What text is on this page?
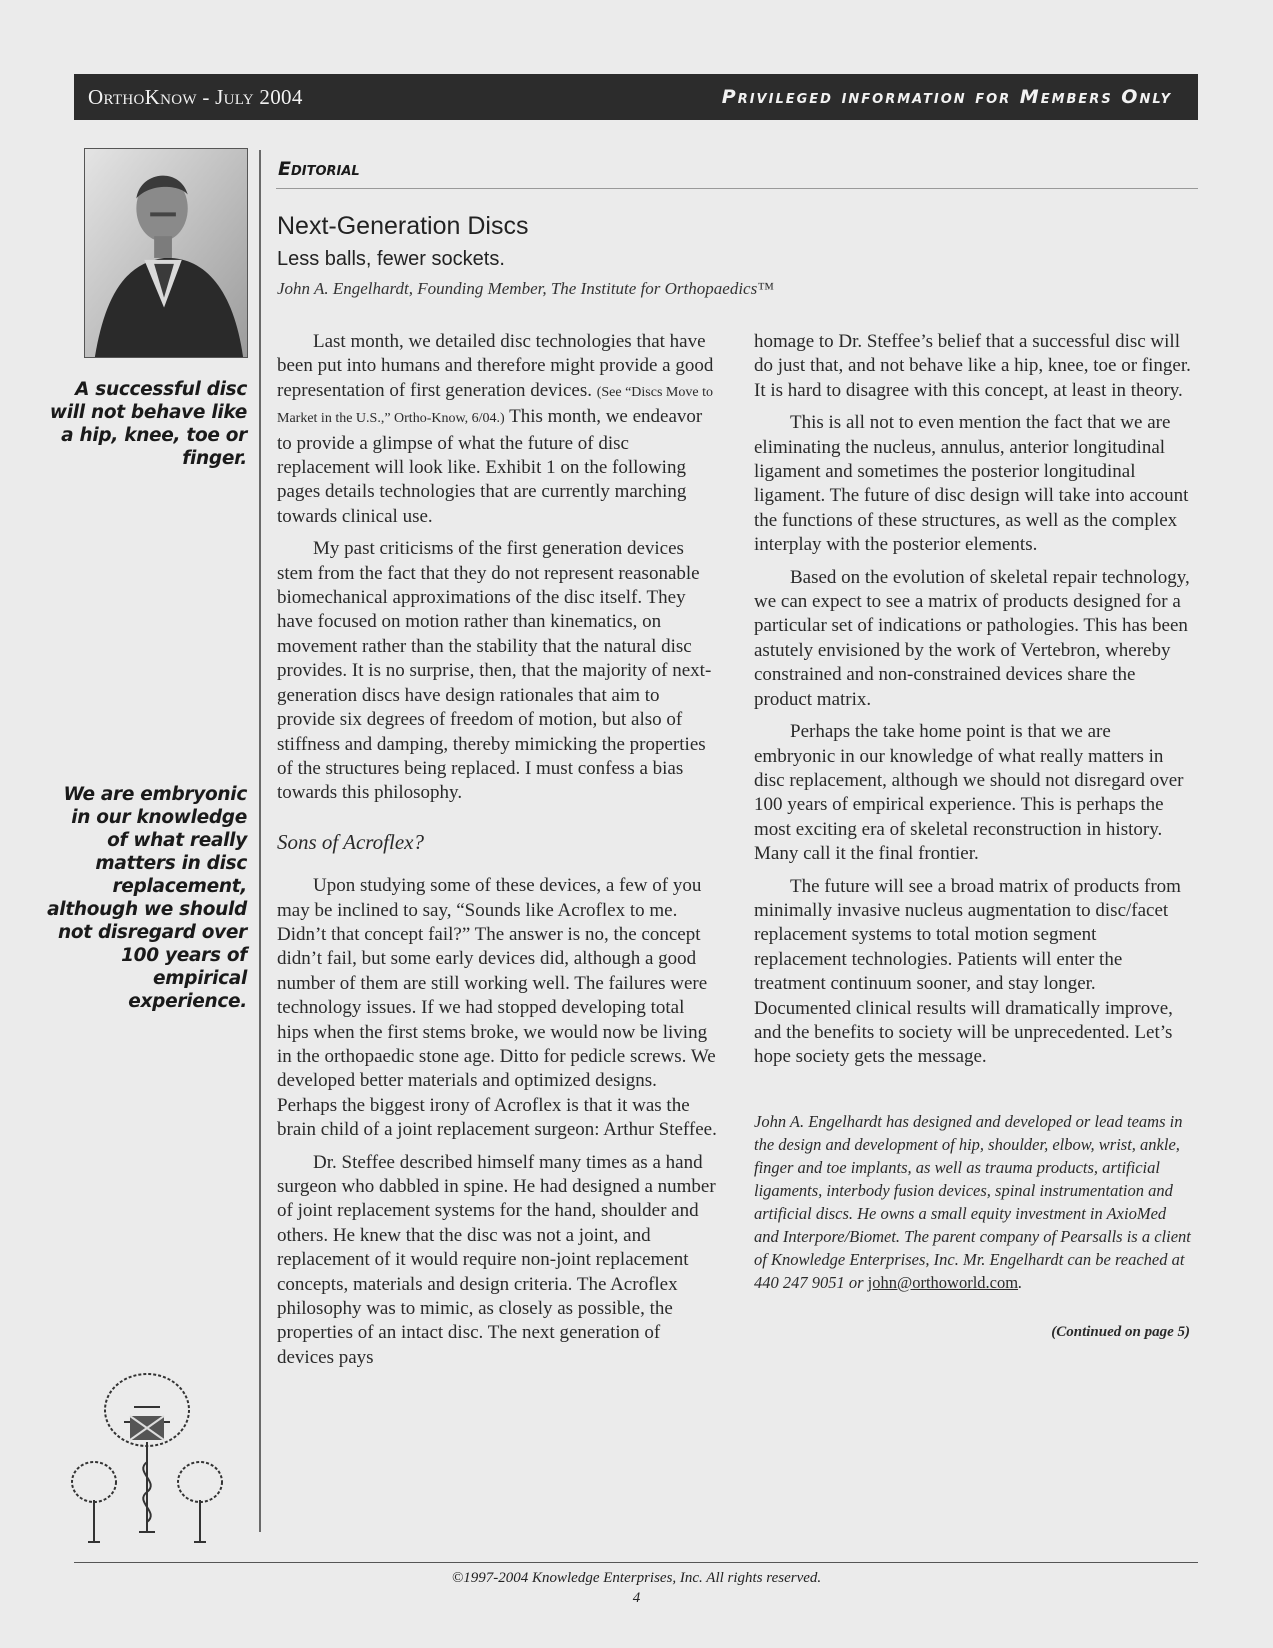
OrthoKnow - July 2004	Privileged information for Members Only
A successful disc will not behave like a hip, knee, toe or finger.
We are embryonic in our knowledge of what really matters in disc replacement, although we should not disregard over 100 years of empirical experience.
Editorial
Next-Generation Discs
Less balls, fewer sockets.
John A. Engelhardt, Founding Member, The Institute for Orthopaedics™

Last month, we detailed disc technologies that have been put into humans and therefore might provide a good representation of first generation devices. (See “Discs Move to Market in the U.S.,” Ortho-Know, 6/04.) This month, we endeavor to provide a glimpse of what the future of disc replacement will look like. Exhibit 1 on the following pages details technologies that are currently marching towards clinical use.

My past criticisms of the first generation devices stem from the fact that they do not represent reasonable biomechanical approximations of the disc itself. They have focused on motion rather than kinematics, on movement rather than the stability that the natural disc provides. It is no surprise, then, that the majority of next-generation discs have design rationales that aim to provide six degrees of freedom of motion, but also of stiffness and damping, thereby mimicking the properties of the structures being replaced. I must confess a bias towards this philosophy.

Sons of Acroflex?

Upon studying some of these devices, a few of you may be inclined to say, “Sounds like Acroflex to me. Didn’t that concept fail?” The answer is no, the concept didn’t fail, but some early devices did, although a good number of them are still working well. The failures were technology issues. If we had stopped developing total hips when the first stems broke, we would now be living in the orthopaedic stone age. Ditto for pedicle screws. We developed better materials and optimized designs. Perhaps the biggest irony of Acroflex is that it was the brain child of a joint replacement surgeon: Arthur Steffee.

Dr. Steffee described himself many times as a hand surgeon who dabbled in spine. He had designed a number of joint replacement systems for the hand, shoulder and others. He knew that the disc was not a joint, and replacement of it would require non-joint replacement concepts, materials and design criteria. The Acroflex philosophy was to mimic, as closely as possible, the properties of an intact disc. The next generation of devices pays

homage to Dr. Steffee’s belief that a successful disc will do just that, and not behave like a hip, knee, toe or finger. It is hard to disagree with this concept, at least in theory.

This is all not to even mention the fact that we are eliminating the nucleus, annulus, anterior longitudinal ligament and sometimes the posterior longitudinal ligament. The future of disc design will take into account the functions of these structures, as well as the complex interplay with the posterior elements.

Based on the evolution of skeletal repair technology, we can expect to see a matrix of products designed for a particular set of indications or pathologies. This has been astutely envisioned by the work of Vertebron, whereby constrained and non-constrained devices share the product matrix.

Perhaps the take home point is that we are embryonic in our knowledge of what really matters in disc replacement, although we should not disregard over 100 years of empirical experience. This is perhaps the most exciting era of skeletal reconstruction in history. Many call it the final frontier.

The future will see a broad matrix of products from minimally invasive nucleus augmentation to disc/facet replacement systems to total motion segment replacement technologies. Patients will enter the treatment continuum sooner, and stay longer. Documented clinical results will dramatically improve, and the benefits to society will be unprecedented. Let’s hope society gets the message.

John A. Engelhardt has designed and developed or lead teams in the design and development of hip, shoulder, elbow, wrist, ankle, finger and toe implants, as well as trauma products, artificial ligaments, interbody fusion devices, spinal instrumentation and artificial discs. He owns a small equity investment in AxioMed and Interpore/Biomet. The parent company of Pearsalls is a client of Knowledge Enterprises, Inc. Mr. Engelhardt can be reached at 440 247 9051 or john@orthoworld.com.
(Continued on page 5)
©1997-2004 Knowledge Enterprises, Inc. All rights reserved.
4
